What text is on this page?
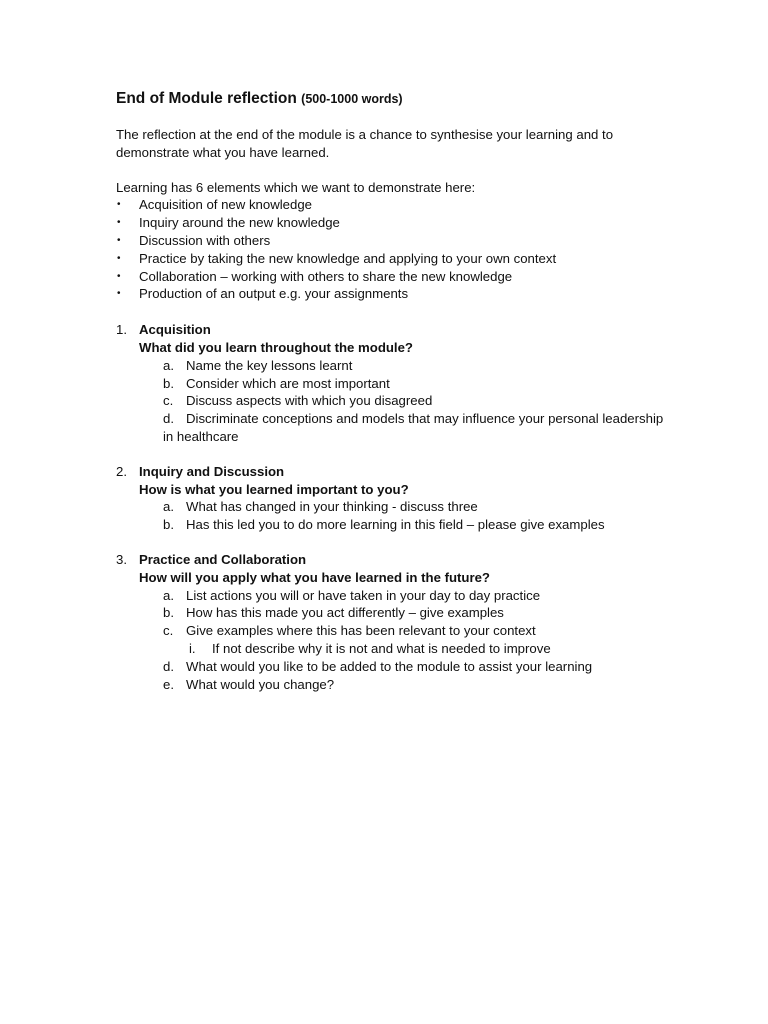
End of Module reflection (500-1000 words)

The reflection at the end of the module is a chance to synthesise your learning and to demonstrate what you have learned.

Learning has 6 elements which we want to demonstrate here:

• Acquisition of new knowledge
• Inquiry around the new knowledge
• Discussion with others
• Practice by taking the new knowledge and applying to your own context
• Collaboration – working with others to share the new knowledge
• Production of an output e.g. your assignments
1. Acquisition
What did you learn throughout the module?
a. Name the key lessons learnt
b. Consider which are most important
c. Discuss aspects with which you disagreed
d. Discriminate conceptions and models that may influence your personal leadership in healthcare
2. Inquiry and Discussion
How is what you learned important to you?
a. What has changed in your thinking - discuss three
b. Has this led you to do more learning in this field – please give examples
3. Practice and Collaboration
How will you apply what you have learned in the future?
a. List actions you will or have taken in your day to day practice
b. How has this made you act differently – give examples
c. Give examples where this has been relevant to your context
i. If not describe why it is not and what is needed to improve
d. What would you like to be added to the module to assist your learning
e. What would you change?
